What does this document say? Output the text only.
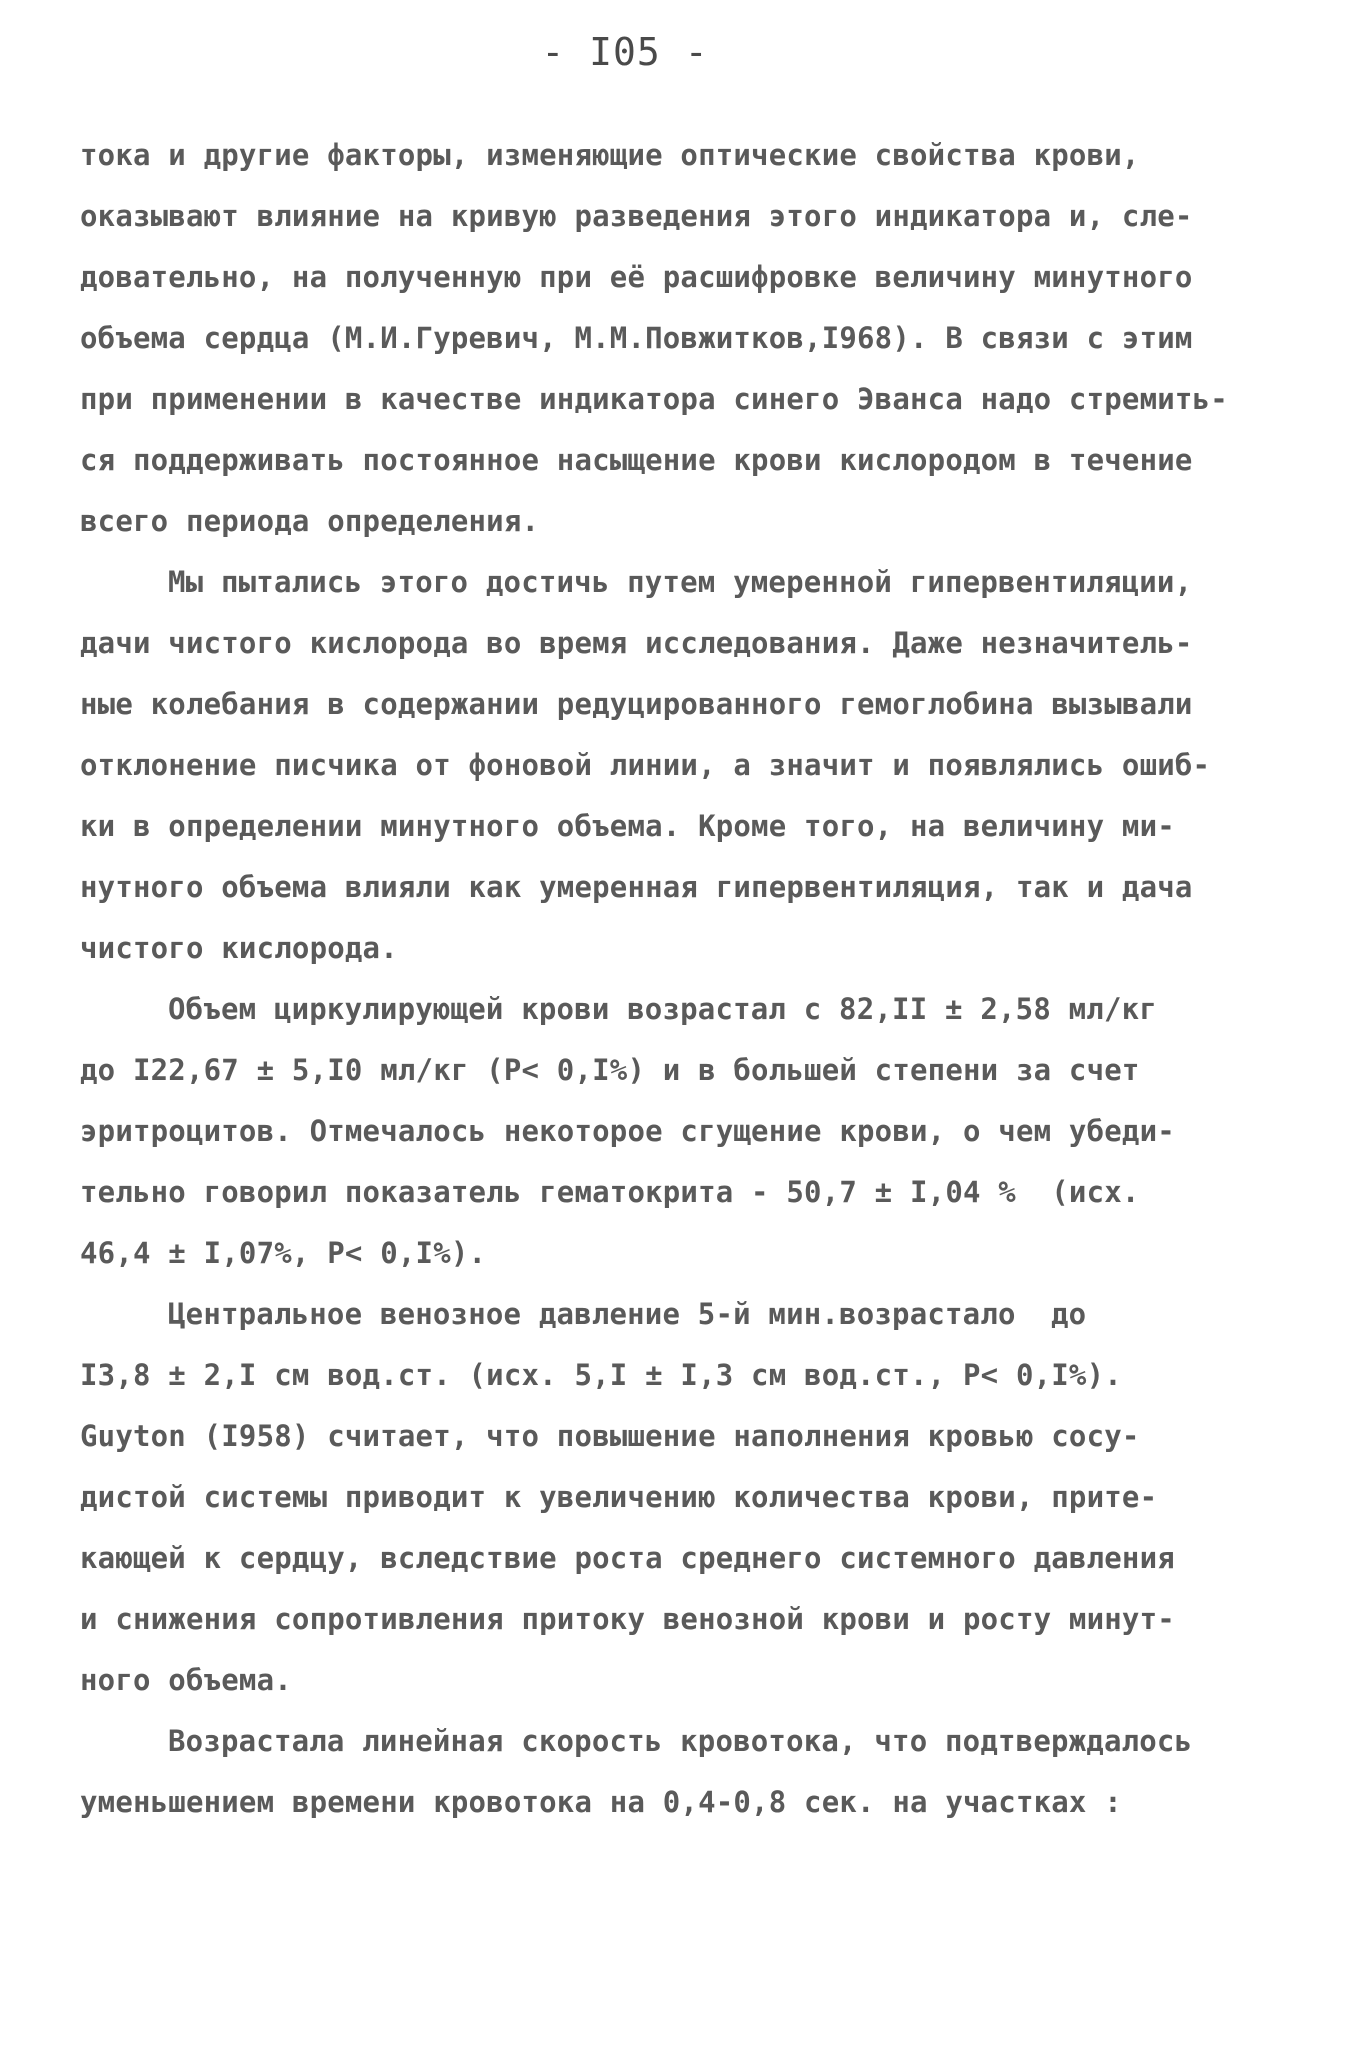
- I05 -
тока и другие факторы, изменяющие оптические свойства крови,
оказывают влияние на кривую разведения этого индикатора и, сле-
довательно, на полученную при её расшифровке величину минутного
объема сердца (М.И.Гуревич, М.М.Повжитков,I968). В связи с этим
при применении в качестве индикатора синего Эванса надо стремить-
ся поддерживать постоянное насыщение крови кислородом в течение
всего периода определения.
Мы пытались этого достичь путем умеренной гипервентиляции,
дачи чистого кислорода во время исследования. Даже незначитель-
ные колебания в содержании редуцированного гемоглобина вызывали
отклонение писчика от фоновой линии, а значит и появлялись ошиб-
ки в определении минутного объема. Кроме того, на величину ми-
нутного объема влияли как умеренная гипервентиляция, так и дача
чистого кислорода.
Объем циркулирующей крови возрастал с 82,II ± 2,58 мл/кг
до I22,67 ± 5,I0 мл/кг (Р< 0,I%) и в большей степени за счет
эритроцитов. Отмечалось некоторое сгущение крови, о чем убеди-
тельно говорил показатель гематокрита - 50,7 ± I,04 %  (исх.
46,4 ± I,07%, Р< 0,I%).
Центральное венозное давление 5-й мин.возрастало  до
I3,8 ± 2,I см вод.ст. (исх. 5,I ± I,3 см вод.ст., Р< 0,I%).
Guyton (I958) считает, что повышение наполнения кровью сосу-
дистой системы приводит к увеличению количества крови, прите-
кающей к сердцу, вследствие роста среднего системного давления
и снижения сопротивления притоку венозной крови и росту минут-
ного объема.
Возрастала линейная скорость кровотока, что подтверждалось
уменьшением времени кровотока на 0,4-0,8 сек. на участках :
